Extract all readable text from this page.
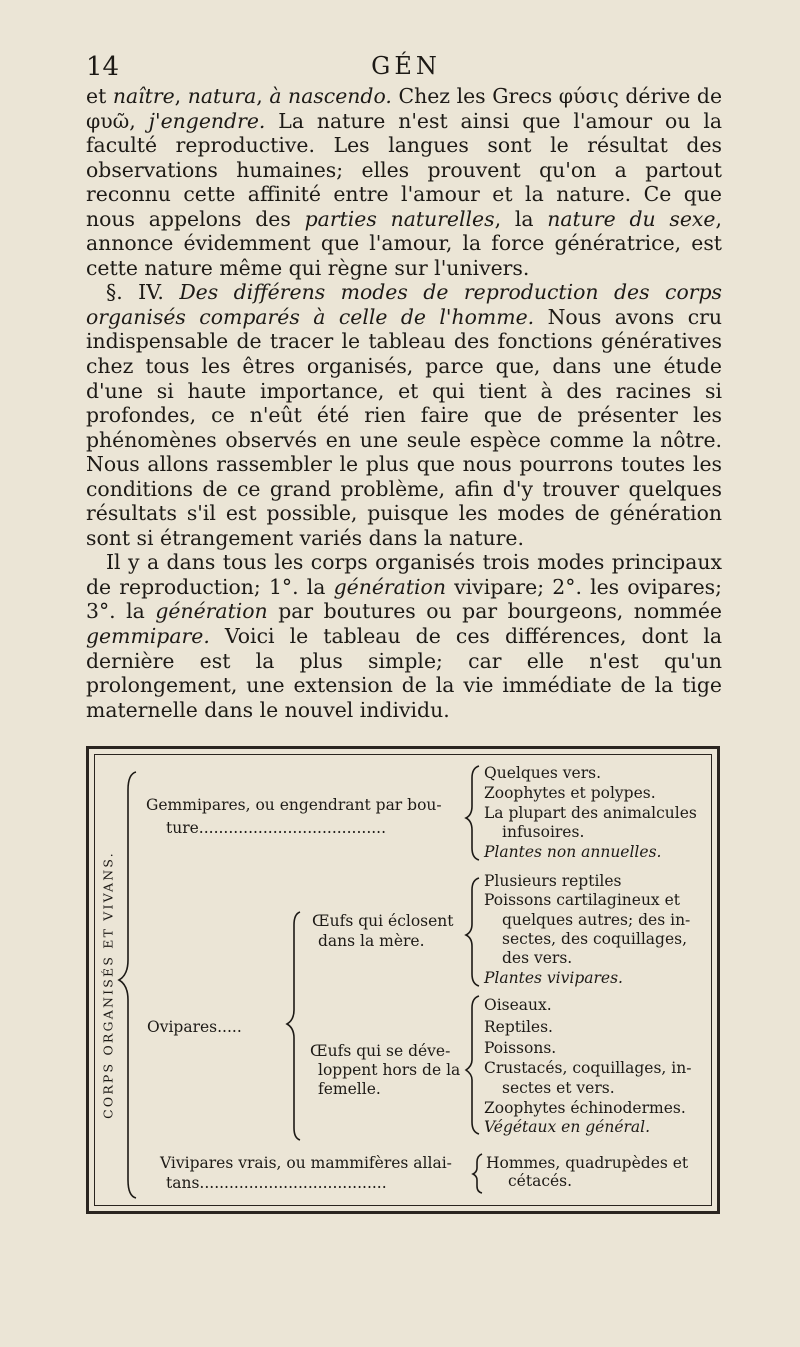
14	GÉN

et naître, natura, à nascendo. Chez les Grecs φύσις dérive de φυῶ, j'engendre. La nature n'est ainsi que l'amour ou la faculté reproductive. Les langues sont le résultat des observations humaines; elles prouvent qu'on a partout reconnu cette affinité entre l'amour et la nature. Ce que nous appelons des parties naturelles, la nature du sexe, annonce évidemment que l'amour, la force génératrice, est cette nature même qui règne sur l'univers.

§. IV. Des différens modes de reproduction des corps organisés comparés à celle de l'homme. Nous avons cru indispensable de tracer le tableau des fonctions génératives chez tous les êtres organisés, parce que, dans une étude d'une si haute importance, et qui tient à des racines si profondes, ce n'eût été rien faire que de présenter les phénomènes observés en une seule espèce comme la nôtre. Nous allons rassembler le plus que nous pourrons toutes les conditions de ce grand problème, afin d'y trouver quelques résultats s'il est possible, puisque les modes de génération sont si étrangement variés dans la nature.

Il y a dans tous les corps organisés trois modes principaux de reproduction; 1°. la génération vivipare; 2°. les ovipares; 3°. la génération par boutures ou par bourgeons, nommée gemmipare. Voici le tableau de ces différences, dont la dernière est la plus simple; car elle n'est qu'un prolongement, une extension de la vie immédiate de la tige maternelle dans le nouvel individu.

CORPS ORGANISÉS ET VIVANS.
Gemmipares, ou engendrant par bou-
ture......................................
Quelques vers.
Zoophytes et polypes.
La plupart des animalcules
infusoires.
Plantes non annuelles.
Ovipares.....
Œufs qui éclosent
dans la mère.
Plusieurs reptiles
Poissons cartilagineux et
quelques autres; des in-
sectes, des coquillages,
des vers.
Plantes vivipares.
Œufs qui se déve-
loppent hors de la
femelle.
Oiseaux.
Reptiles.
Poissons.
Crustacés, coquillages, in-
sectes et vers.
Zoophytes échinodermes.
Végétaux en général.
Vivipares vrais, ou mammifères allai-
tans......................................
Hommes, quadrupèdes et
cétacés.
